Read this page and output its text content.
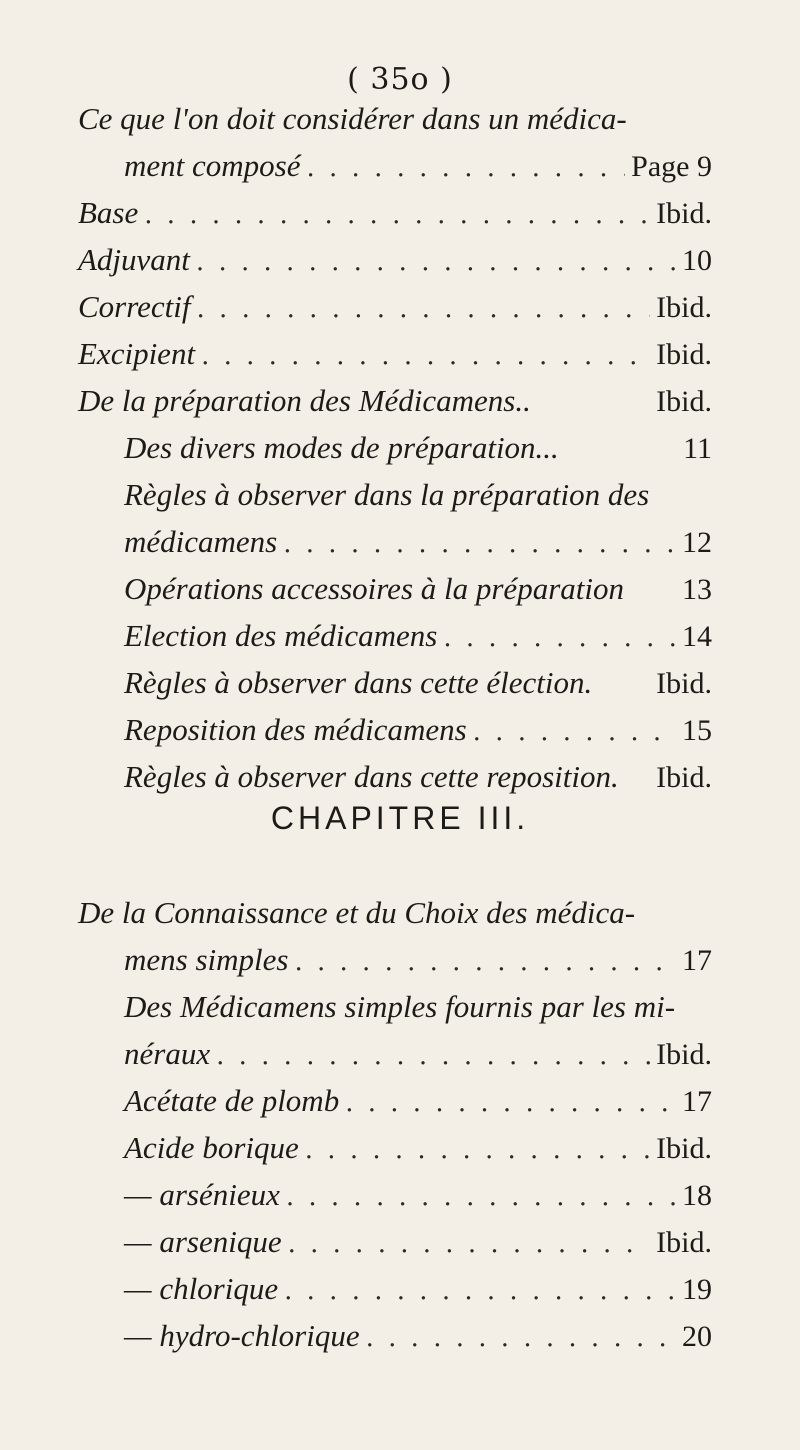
( 35o )
Ce que l'on doit considérer dans un médica-
ment composé . . .	Page 9
Base . . .	Ibid.
Adjuvant . . .	10
Correctif . . .	Ibid.
Excipient . . .	Ibid.
De la préparation des Médicamens..	Ibid.
Des divers modes de préparation...	11
Règles à observer dans la préparation des
médicamens . . .	12
Opérations accessoires à la préparation 13
Election des médicamens . . .	14
Règles à observer dans cette élection. Ibid.
Reposition des médicamens . . .	15
Règles à observer dans cette reposition. Ibid.
CHAPITRE III.
De la Connaissance et du Choix des médica-
mens simples . . .	17
Des Médicamens simples fournis par les mi-
néraux . . .	Ibid.
Acétate de plomb . . .	17
Acide borique . . .	Ibid.
— arsénieux . . .	18
— arsenique . . .	Ibid.
— chlorique . . .	19
— hydro-chlorique . . .	20
